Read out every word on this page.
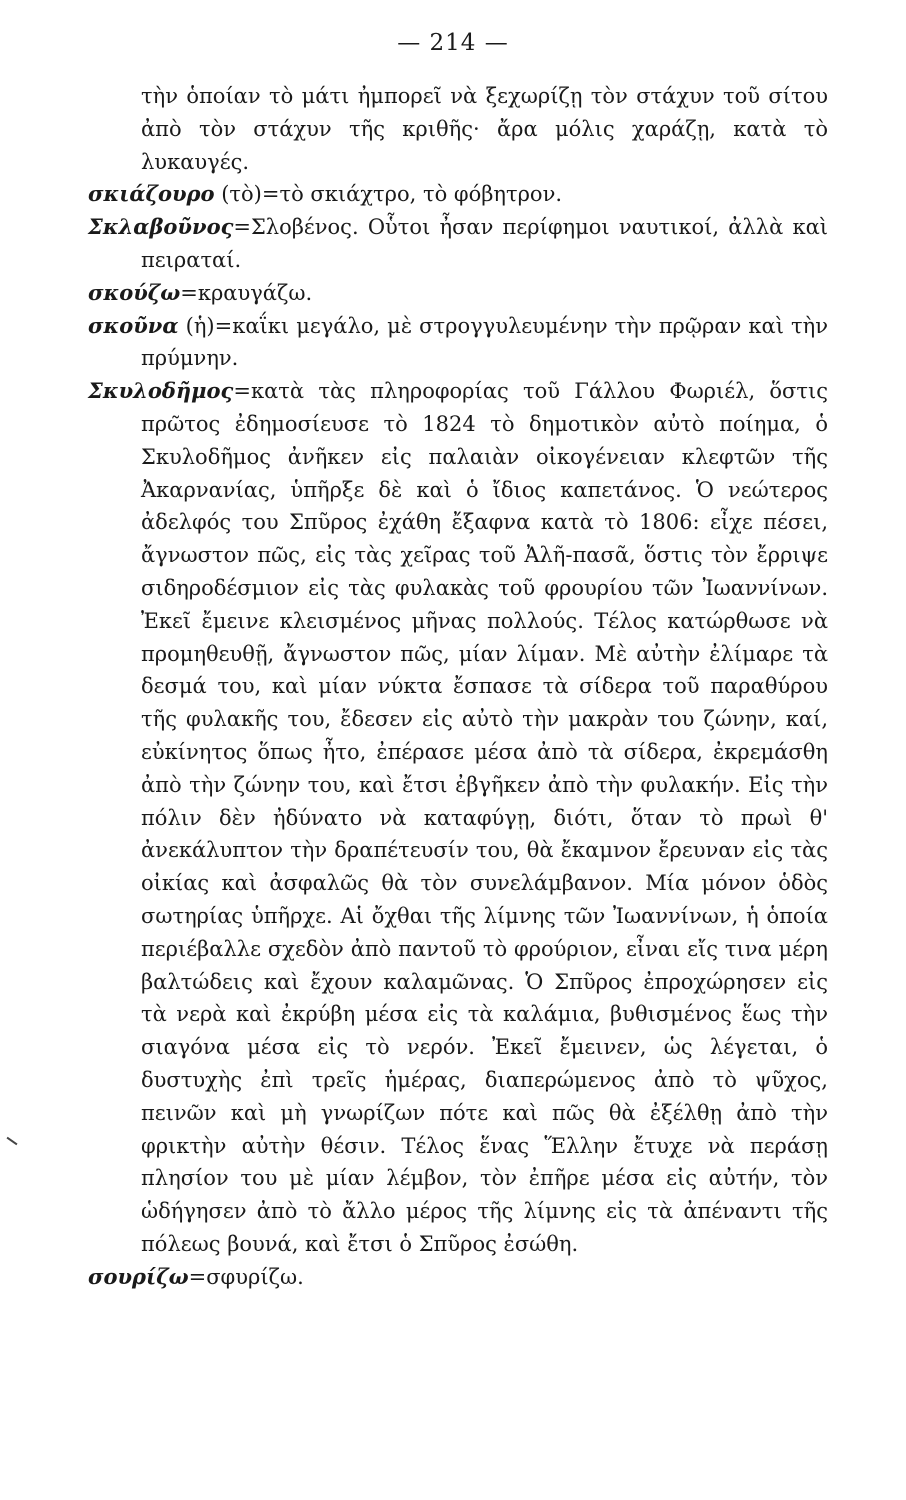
— 214 —

τὴν ὁποίαν τὸ μάτι ἠμπορεῖ νὰ ξεχωρίζῃ τὸν στάχυν τοῦ σίτου ἀπὸ τὸν στάχυν τῆς κριθῆς· ἄρα μόλις χαράζῃ, κατὰ τὸ λυκαυγές.

σκιάζουρο (τὸ)=τὸ σκιάχτρο, τὸ φόβητρον.

Σκλαβοῦνος=Σλοβένος. Οὗτοι ἦσαν περίφημοι ναυτικοί, ἀλλὰ καὶ πειραταί.

σκούζω=κραυγάζω.

σκοῦνα (ἡ)=καΐκι μεγάλο, μὲ στρογγυλευμένην τὴν πρῷραν καὶ τὴν πρύμνην.

Σκυλοδῆμος=κατὰ τὰς πληροφορίας τοῦ Γάλλου Φωριέλ, ὅστις πρῶτος ἐδημοσίευσε τὸ 1824 τὸ δημοτικὸν αὐτὸ ποίημα, ὁ Σκυλοδῆμος ἀνῆκεν εἰς παλαιὰν οἰκογένειαν κλεφτῶν τῆς Ἀκαρνανίας, ὑπῆρξε δὲ καὶ ὁ ἴδιος καπετάνος. Ὁ νεώτερος ἀδελφός του Σπῦρος ἐχάθη ἔξαφνα κατὰ τὸ 1806: εἶχε πέσει, ἄγνωστον πῶς, εἰς τὰς χεῖρας τοῦ Ἀλῆ-πασᾶ, ὅστις τὸν ἔρριψε σιδηροδέσμιον εἰς τὰς φυλακὰς τοῦ φρουρίου τῶν Ἰωαννίνων. Ἐκεῖ ἔμεινε κλεισμένος μῆνας πολλούς. Τέλος κατώρθωσε νὰ προμηθευθῇ, ἄγνωστον πῶς, μίαν λίμαν. Μὲ αὐτὴν ἐλίμαρε τὰ δεσμά του, καὶ μίαν νύκτα ἔσπασε τὰ σίδερα τοῦ παραθύρου τῆς φυλακῆς του, ἔδεσεν εἰς αὐτὸ τὴν μακρὰν του ζώνην, καί, εὐκίνητος ὅπως ἦτο, ἐπέρασε μέσα ἀπὸ τὰ σίδερα, ἐκρεμάσθη ἀπὸ τὴν ζώνην του, καὶ ἔτσι ἐβγῆκεν ἀπὸ τὴν φυλακήν. Εἰς τὴν πόλιν δὲν ἠδύνατο νὰ καταφύγῃ, διότι, ὅταν τὸ πρωὶ θ' ἀνεκάλυπτον τὴν δραπέτευσίν του, θὰ ἔκαμνον ἔρευναν εἰς τὰς οἰκίας καὶ ἀσφαλῶς θὰ τὸν συνελάμβανον. Μία μόνον ὁδὸς σωτηρίας ὑπῆρχε. Αἱ ὄχθαι τῆς λίμνης τῶν Ἰωαννίνων, ἡ ὁποία περιέβαλλε σχεδὸν ἀπὸ παντοῦ τὸ φρούριον, εἶναι εἴς τινα μέρη βαλτώδεις καὶ ἔχουν καλαμῶνας. Ὁ Σπῦρος ἐπροχώρησεν εἰς τὰ νερὰ καὶ ἐκρύβη μέσα εἰς τὰ καλάμια, βυθισμένος ἕως τὴν σιαγόνα μέσα εἰς τὸ νερόν. Ἐκεῖ ἔμεινεν, ὡς λέγεται, ὁ δυστυχὴς ἐπὶ τρεῖς ἡμέρας, διαπερώμενος ἀπὸ τὸ ψῦχος, πεινῶν καὶ μὴ γνωρίζων πότε καὶ πῶς θὰ ἐξέλθῃ ἀπὸ τὴν φρικτὴν αὐτὴν θέσιν. Τέλος ἕνας Ἕλλην ἔτυχε νὰ περάσῃ πλησίον του μὲ μίαν λέμβον, τὸν ἐπῆρε μέσα εἰς αὐτήν, τὸν ὡδήγησεν ἀπὸ τὸ ἄλλο μέρος τῆς λίμνης εἰς τὰ ἀπέναντι τῆς πόλεως βουνά, καὶ ἔτσι ὁ Σπῦρος ἐσώθη.

σουρίζω=σφυρίζω.
